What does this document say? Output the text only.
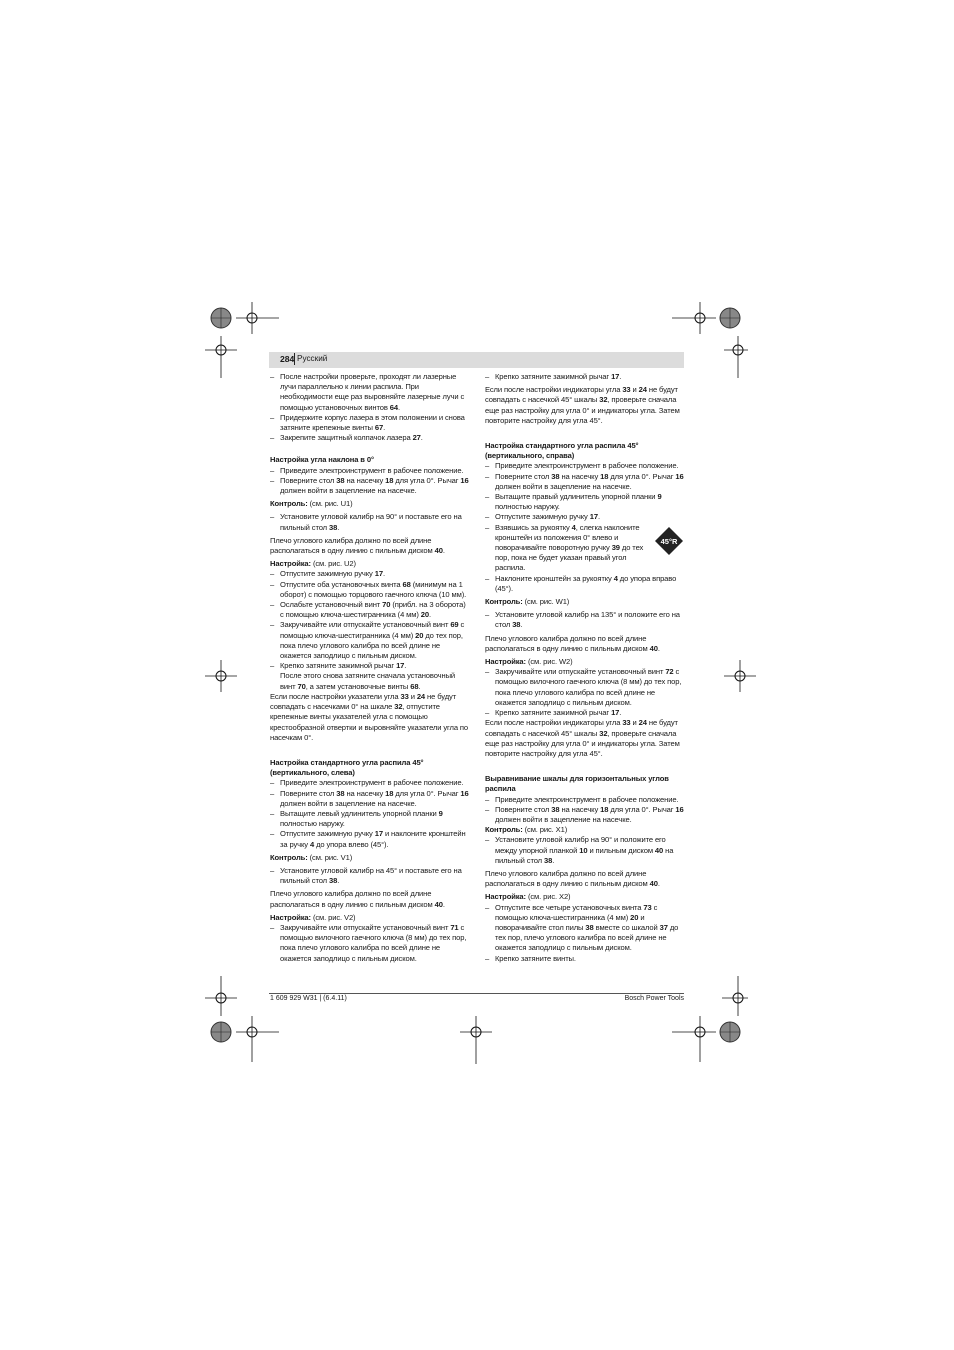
284 Русский

– После настройки проверьте, проходят ли лазерные лучи параллельно к линии распила. При необходимости еще раз выровняйте лазерные лучи с помощью установочных винтов 64.

– Придержите корпус лазера в этом положении и снова затяните крепежные винты 67.

– Закрепите защитный колпачок лазера 27.

Настройка угла наклона в 0°

– Приведите электроинструмент в рабочее положение.

– Поверните стол 38 на насечку 18 для угла 0°. Рычаг 16 должен войти в зацепление на насечке.

Контроль: (см. рис. U1)

– Установите угловой калибр на 90° и поставьте его на пильный стол 38.

Плечо углового калибра должно по всей длине располагаться в одну линию с пильным диском 40.

Настройка: (см. рис. U2)

– Отпустите зажимную ручку 17.

– Отпустите оба установочных винта 68 (минимум на 1 оборот) с помощью торцового гаечного ключа (10 мм).

– Ослабьте установочный винт 70 (прибл. на 3 оборота) с помощью ключа-шестигранника (4 мм) 20.

– Закручивайте или отпускайте установочный винт 69 с помощью ключа-шестигранника (4 мм) 20 до тех пор, пока плечо углового калибра по всей длине не окажется заподлицо с пильным диском.

– Крепко затяните зажимной рычаг 17.

После этого снова затяните сначала установочный винт 70, а затем установочные винты 68.

Если после настройки указатели угла 33 и 24 не будут совпадать с насечками 0° на шкале 32, отпустите крепежные винты указателей угла с помощью крестообразной отвертки и выровняйте указатели угла по насечкам 0°.

Настройка стандартного угла распила 45° (вертикального, слева)

– Приведите электроинструмент в рабочее положение.

– Поверните стол 38 на насечку 18 для угла 0°. Рычаг 16 должен войти в зацепление на насечке.

– Вытащите левый удлинитель упорной планки 9 полностью наружу.

– Отпустите зажимную ручку 17 и наклоните кронштейн за ручку 4 до упора влево (45°).

Контроль: (см. рис. V1)

– Установите угловой калибр на 45° и поставьте его на пильный стол 38.

Плечо углового калибра должно по всей длине располагаться в одну линию с пильным диском 40.

Настройка: (см. рис. V2)

– Закручивайте или отпускайте установочный винт 71 с помощью вилочного гаечного ключа (8 мм) до тех пор, пока плечо углового калибра по всей длине не окажется заподлицо с пильным диском.

– Крепко затяните зажимной рычаг 17.

Если после настройки индикаторы угла 33 и 24 не будут совпадать с насечкой 45° шкалы 32, проверьте сначала еще раз настройку для угла 0° и индикаторы угла. Затем повторите настройку для угла 45°.

Настройка стандартного угла распила 45° (вертикального, справа)

– Приведите электроинструмент в рабочее положение.

– Поверните стол 38 на насечку 18 для угла 0°. Рычаг 16 должен войти в зацепление на насечке.

– Вытащите правый удлинитель упорной планки 9 полностью наружу.

– Отпустите зажимную ручку 17.

– Взявшись за рукоятку 4, слегка наклоните кронштейн из положения 0° влево и поворачивайте поворотную ручку 39 до тех пор, пока не будет указан правый угол распила.

– Наклоните кронштейн за рукоятку 4 до упора вправо (45°).

Контроль: (см. рис. W1)

– Установите угловой калибр на 135° и положите его на стол 38.

Плечо углового калибра должно по всей длине располагаться в одну линию с пильным диском 40.

Настройка: (см. рис. W2)

– Закручивайте или отпускайте установочный винт 72 с помощью вилочного гаечного ключа (8 мм) до тех пор, пока плечо углового калибра по всей длине не окажется заподлицо с пильным диском.

– Крепко затяните зажимной рычаг 17.

Если после настройки индикаторы угла 33 и 24 не будут совпадать с насечкой 45° шкалы 32, проверьте сначала еще раз настройку для угла 0° и индикаторы угла. Затем повторите настройку для угла 45°.

Выравнивание шкалы для горизонтальных углов распила

– Приведите электроинструмент в рабочее положение.

– Поверните стол 38 на насечку 18 для угла 0°. Рычаг 16 должен войти в зацепление на насечке.

Контроль: (см. рис. X1)

– Установите угловой калибр на 90° и положите его между упорной планкой 10 и пильным диском 40 на пильный стол 38.

Плечо углового калибра должно по всей длине располагаться в одну линию с пильным диском 40.

Настройка: (см. рис. X2)

– Отпустите все четыре установочных винта 73 с помощью ключа-шестигранника (4 мм) 20 и поворачивайте стол пилы 38 вместе со шкалой 37 до тех пор, плечо углового калибра по всей длине не окажется заподлицо с пильным диском.

– Крепко затяните винты.

45°R
1 609 929 W31 | (6.4.11)	Bosch Power Tools
